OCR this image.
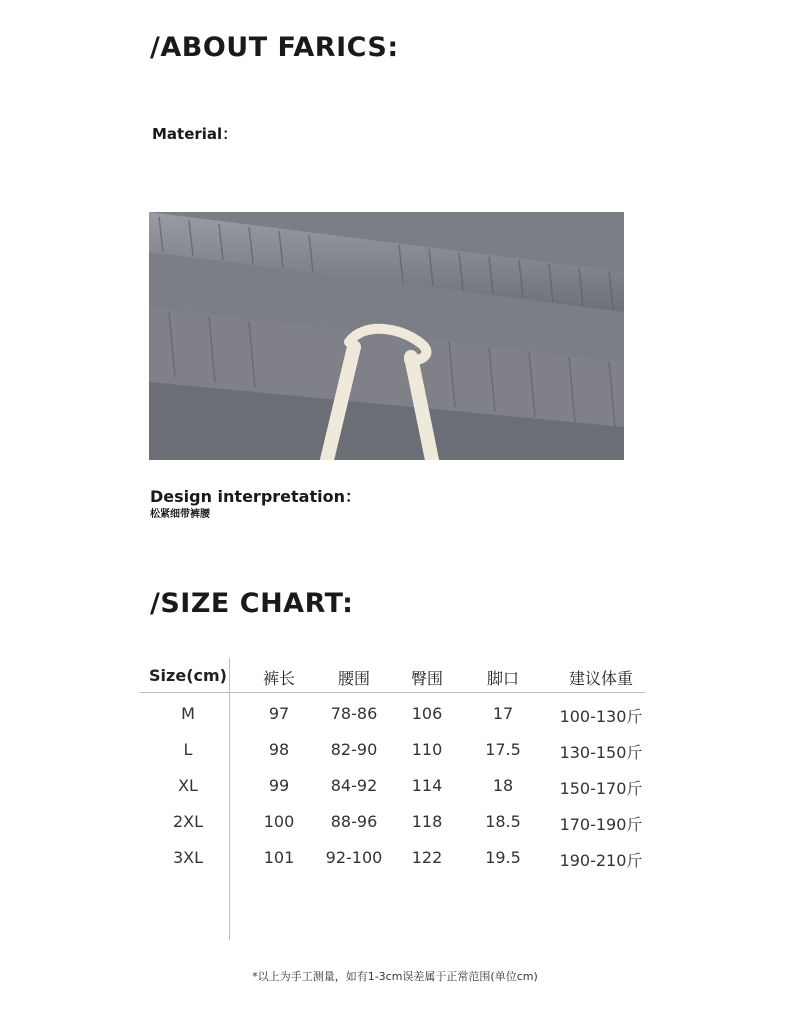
/ABOUT FARICS:
Material：
Design interpretation：
松紧细带裤腰
/SIZE CHART:
Size(cm)	裤长	腰围	臀围	脚口	建议体重
M	97	78-86	106	17	100-130斤
L	98	82-90	110	17.5	130-150斤
XL	99	84-92	114	18	150-170斤
2XL	100	88-96	118	18.5	170-190斤
3XL	101	92-100	122	19.5	190-210斤
*以上为手工测量，如有1-3cm误差属于正常范围(单位cm)
